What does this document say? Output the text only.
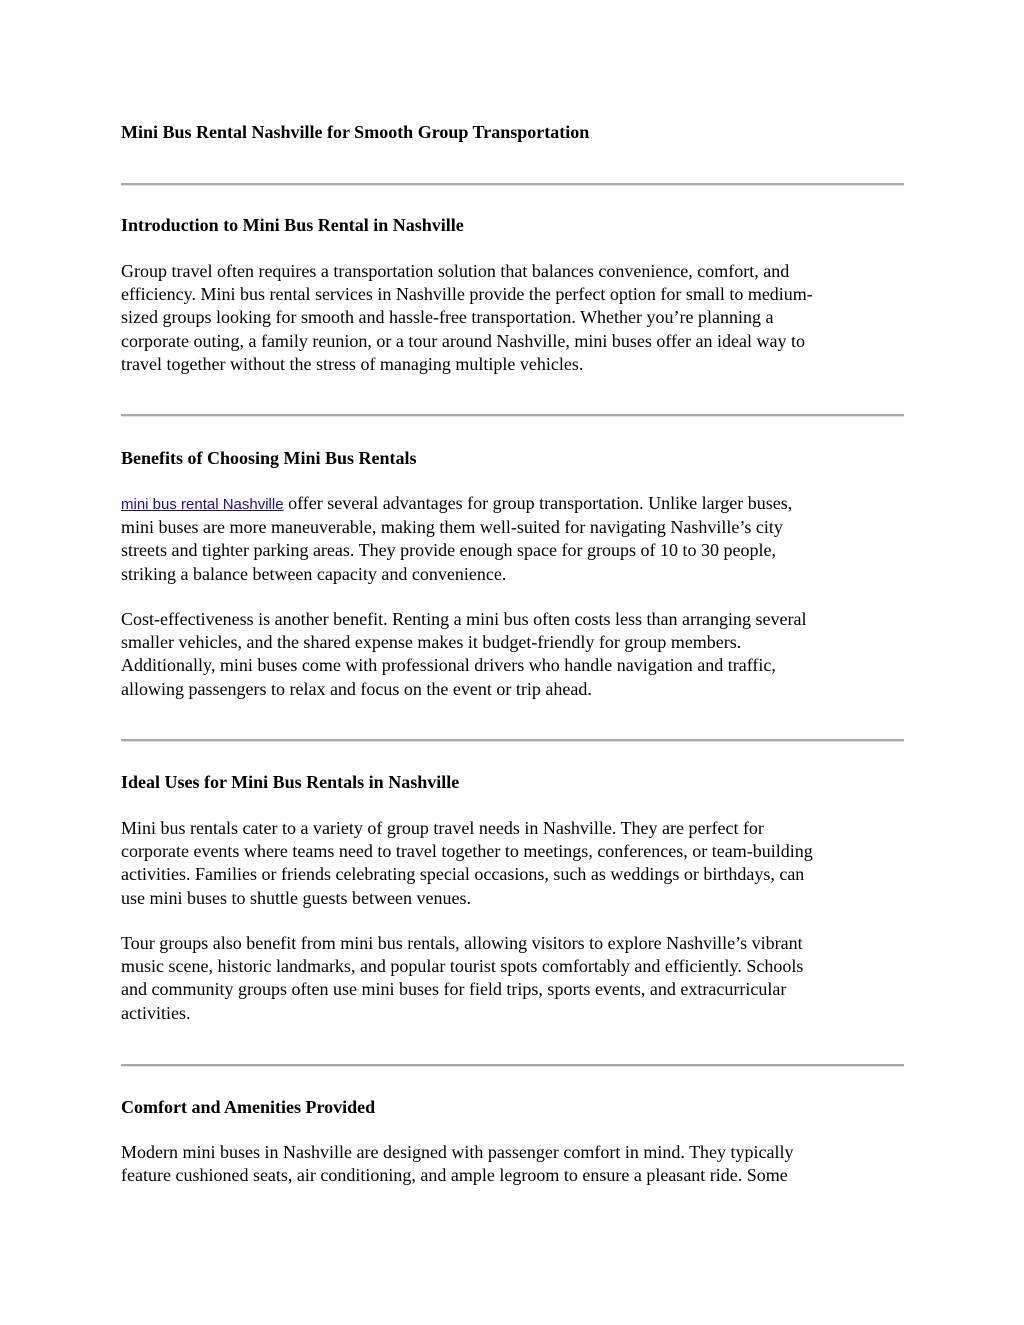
Mini Bus Rental Nashville for Smooth Group Transportation
Introduction to Mini Bus Rental in Nashville

Group travel often requires a transportation solution that balances convenience, comfort, and
efficiency. Mini bus rental services in Nashville provide the perfect option for small to medium-
sized groups looking for smooth and hassle-free transportation. Whether you’re planning a
corporate outing, a family reunion, or a tour around Nashville, mini buses offer an ideal way to
travel together without the stress of managing multiple vehicles.

Benefits of Choosing Mini Bus Rentals

mini bus rental Nashville offer several advantages for group transportation. Unlike larger buses,
mini buses are more maneuverable, making them well-suited for navigating Nashville’s city
streets and tighter parking areas. They provide enough space for groups of 10 to 30 people,
striking a balance between capacity and convenience.

Cost-effectiveness is another benefit. Renting a mini bus often costs less than arranging several
smaller vehicles, and the shared expense makes it budget-friendly for group members.
Additionally, mini buses come with professional drivers who handle navigation and traffic,
allowing passengers to relax and focus on the event or trip ahead.

Ideal Uses for Mini Bus Rentals in Nashville

Mini bus rentals cater to a variety of group travel needs in Nashville. They are perfect for
corporate events where teams need to travel together to meetings, conferences, or team-building
activities. Families or friends celebrating special occasions, such as weddings or birthdays, can
use mini buses to shuttle guests between venues.

Tour groups also benefit from mini bus rentals, allowing visitors to explore Nashville’s vibrant
music scene, historic landmarks, and popular tourist spots comfortably and efficiently. Schools
and community groups often use mini buses for field trips, sports events, and extracurricular
activities.

Comfort and Amenities Provided

Modern mini buses in Nashville are designed with passenger comfort in mind. They typically
feature cushioned seats, air conditioning, and ample legroom to ensure a pleasant ride. Some
